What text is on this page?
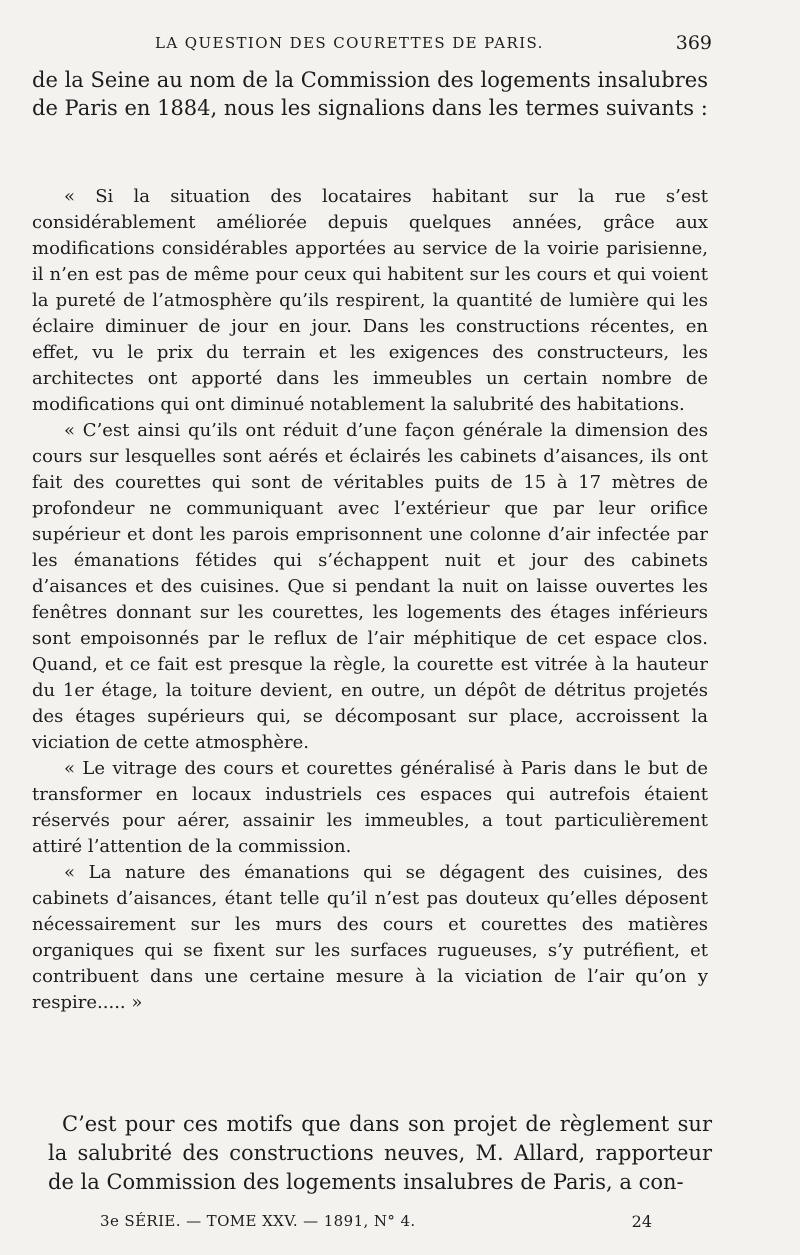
LA QUESTION DES COURETTES DE PARIS.	369

de la Seine au nom de la Commission des logements insalubres de Paris en 1884, nous les signalions dans les termes suivants :

« Si la situation des locataires habitant sur la rue s’est considérablement améliorée depuis quelques années, grâce aux modifications considérables apportées au service de la voirie parisienne, il n’en est pas de même pour ceux qui habitent sur les cours et qui voient la pureté de l’atmosphère qu’ils respirent, la quantité de lumière qui les éclaire diminuer de jour en jour. Dans les constructions récentes, en effet, vu le prix du terrain et les exigences des constructeurs, les architectes ont apporté dans les immeubles un certain nombre de modifications qui ont diminué notablement la salubrité des habitations.

« C’est ainsi qu’ils ont réduit d’une façon générale la dimension des cours sur lesquelles sont aérés et éclairés les cabinets d’aisances, ils ont fait des courettes qui sont de véritables puits de 15 à 17 mètres de profondeur ne communiquant avec l’extérieur que par leur orifice supérieur et dont les parois emprisonnent une colonne d’air infectée par les émanations fétides qui s’échappent nuit et jour des cabinets d’aisances et des cuisines. Que si pendant la nuit on laisse ouvertes les fenêtres donnant sur les courettes, les logements des étages inférieurs sont empoisonnés par le reflux de l’air méphitique de cet espace clos. Quand, et ce fait est presque la règle, la courette est vitrée à la hauteur du 1er étage, la toiture devient, en outre, un dépôt de détritus projetés des étages supérieurs qui, se décomposant sur place, accroissent la viciation de cette atmosphère.

« Le vitrage des cours et courettes généralisé à Paris dans le but de transformer en locaux industriels ces espaces qui autrefois étaient réservés pour aérer, assainir les immeubles, a tout particulièrement attiré l’attention de la commission.

« La nature des émanations qui se dégagent des cuisines, des cabinets d’aisances, étant telle qu’il n’est pas douteux qu’elles déposent nécessairement sur les murs des cours et courettes des matières organiques qui se fixent sur les surfaces rugueuses, s’y putréfient, et contribuent dans une certaine mesure à la viciation de l’air qu’on y respire..... »

C’est pour ces motifs que dans son projet de règlement sur la salubrité des constructions neuves, M. Allard, rapporteur de la Commission des logements insalubres de Paris, a con-

3e SÉRIE. — TOME XXV. — 1891, N° 4.	24
